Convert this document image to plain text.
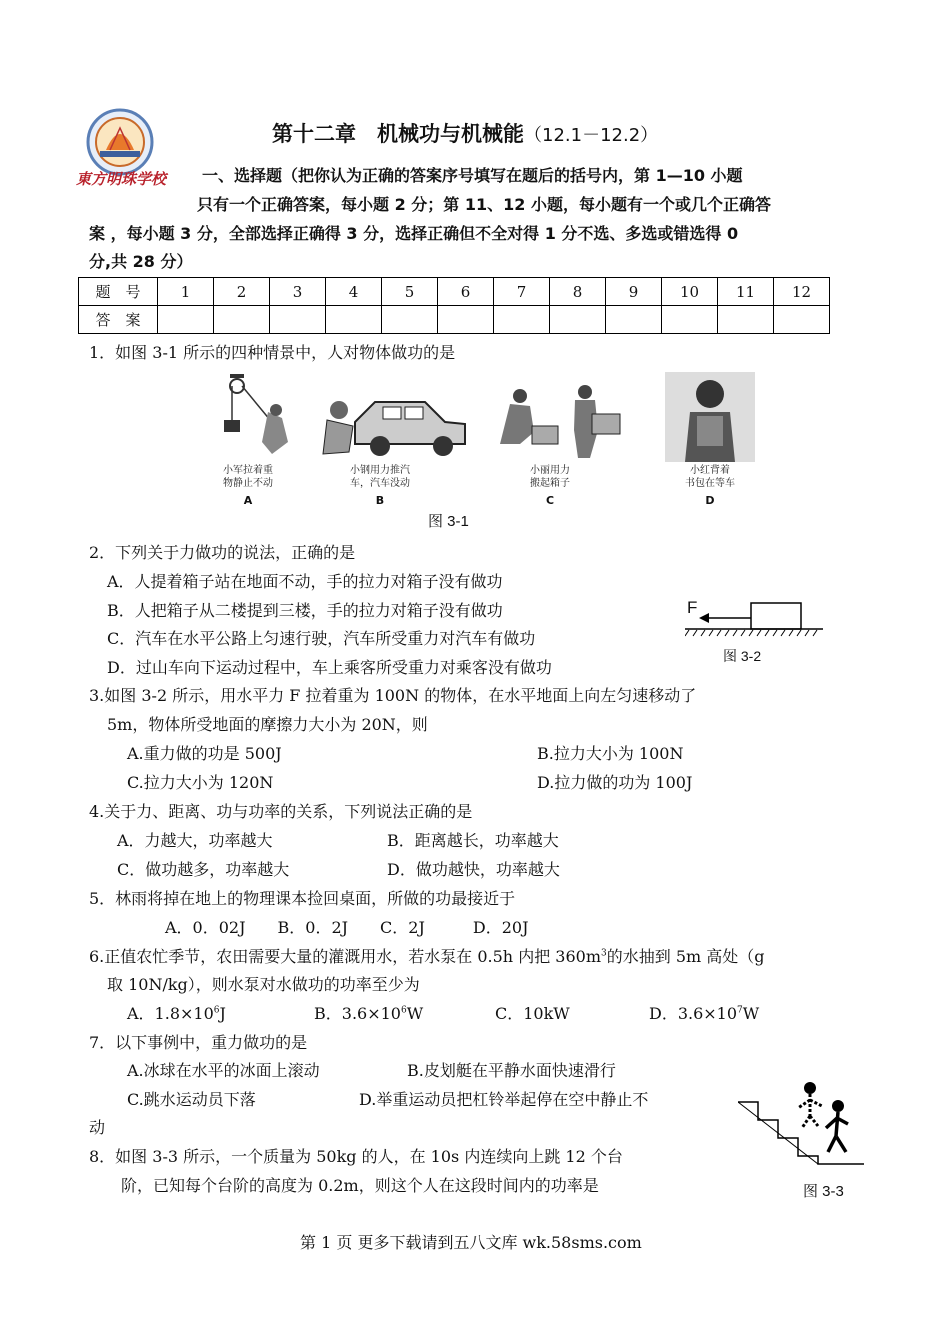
東方明珠学校
第十二章　机械功与机械能（12.1－12.2）
一、选择题（把你认为正确的答案序号填写在题后的括号内，第 1—10 小题
只有一个正确答案，每小题 2 分；第 11、12 小题，每小题有一个或几个正确答
案 ，每小题 3 分，全部选择正确得 3 分，选择正确但不全对得 1 分不选、多选或错选得 0
分,共 28 分）
题　号	1	2	3	4	5	6	7	8	9	10	11	12
答　案												
1．如图 3-1 所示的四种情景中，人对物体做功的是
小军拉着重
物静止不动
A
小钢用力推汽
车，汽车没动
B
小丽用力
搬起箱子
C
小红背着
书包在等车
D
图 3-1
2．下列关于力做功的说法，正确的是
A．人提着箱子站在地面不动，手的拉力对箱子没有做功
B．人把箱子从二楼提到三楼，手的拉力对箱子没有做功
C．汽车在水平公路上匀速行驶，汽车所受重力对汽车有做功
D．过山车向下运动过程中，车上乘客所受重力对乘客没有做功
F
图 3-2
3.如图 3-2 所示，用水平力 F 拉着重为 100N 的物体，在水平地面上向左匀速移动了
5m，物体所受地面的摩擦力大小为 20N，则
A.重力做的功是 500J	B.拉力大小为 100N
C.拉力大小为 120N	D.拉力做的功为 100J
4.关于力、距离、功与功率的关系，下列说法正确的是
A．力越大，功率越大	B．距离越长，功率越大
C．做功越多，功率越大	D．做功越快，功率越大
5．林雨将掉在地上的物理课本捡回桌面，所做的功最接近于
A．0．02J　　B．0．2J　　C．2J　　　D．20J
6.正值农忙季节，农田需要大量的灌溉用水，若水泵在 0.5h 内把 $360m^3$的水抽到 5m 高处（g
取 10N/kg），则水泵对水做功的功率至少为
A．$1.8\times 10^6J$	B．$3.6\times 10^6W$	C．10kW	D．$3.6\times 10^7W$
7．以下事例中，重力做功的是
A.冰球在水平的冰面上滚动	B.皮划艇在平静水面快速滑行
C.跳水运动员下落	D.举重运动员把杠铃举起停在空中静止不
动
8．如图 3-3 所示，一个质量为 50kg 的人，在 10s 内连续向上跳 12 个台
阶，已知每个台阶的高度为 0.2m，则这个人在这段时间内的功率是	图 3-3
第 1 页 更多下载请到五八文库 wk.58sms.com
